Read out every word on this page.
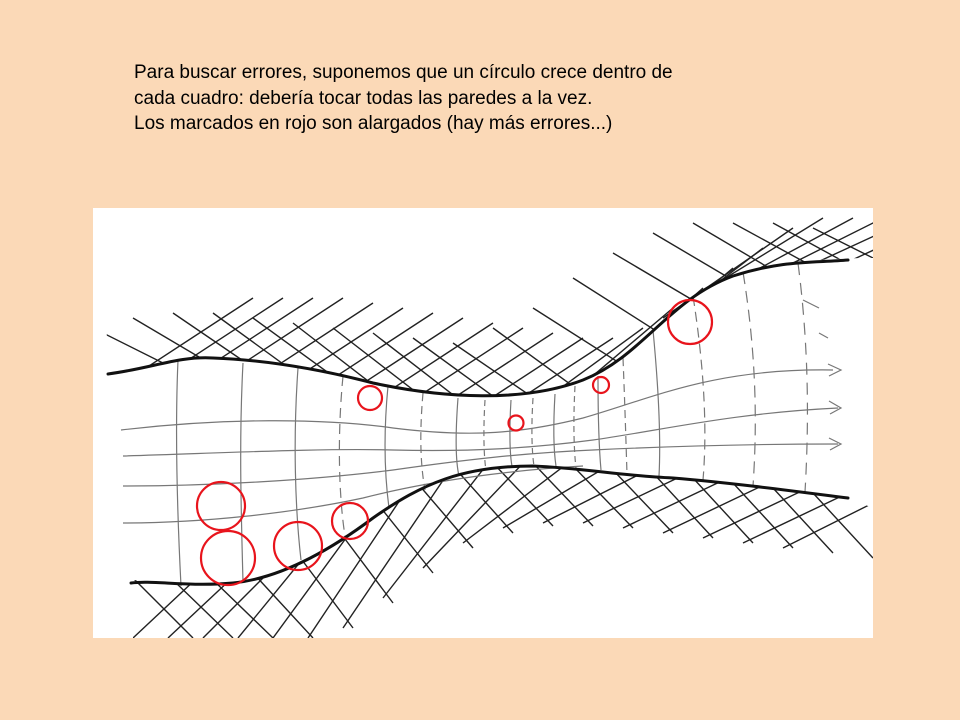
Para buscar errores, suponemos que un círculo crece dentro de
cada cuadro: debería tocar todas las paredes a la vez.
Los marcados en rojo son alargados (hay más errores...)
